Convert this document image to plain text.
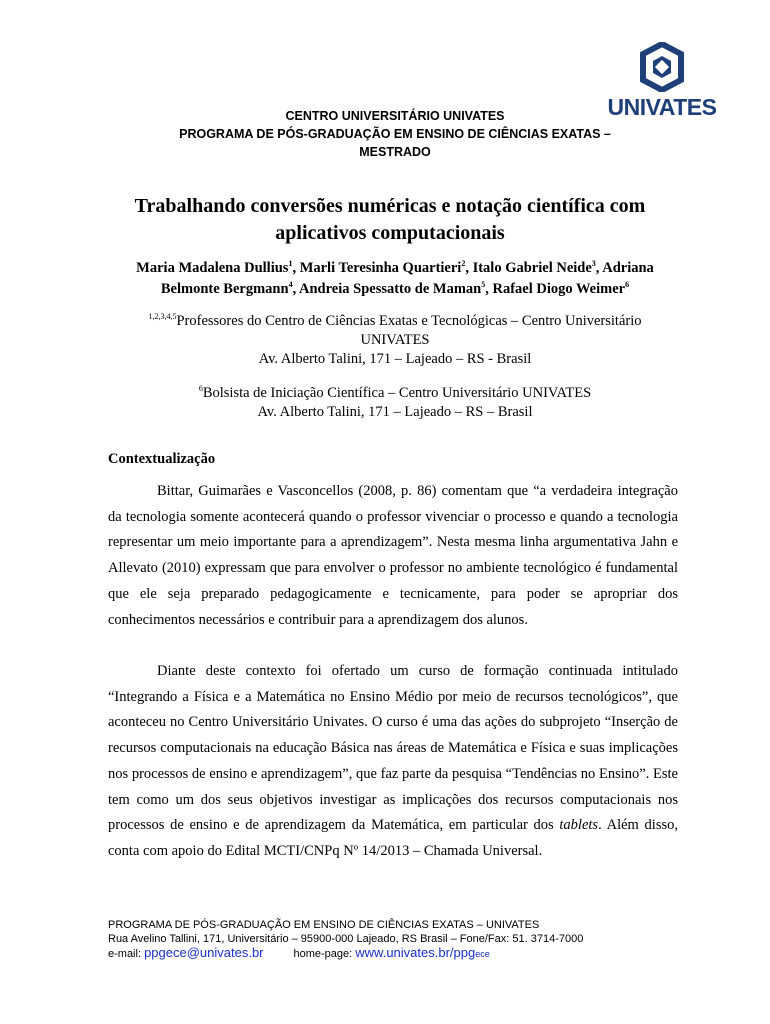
UNIVATES
CENTRO UNIVERSITÁRIO UNIVATES
PROGRAMA DE PÓS-GRADUAÇÃO EM ENSINO DE CIÊNCIAS EXATAS –
MESTRADO
Trabalhando conversões numéricas e notação científica com
aplicativos computacionais
Maria Madalena Dullius$^1$, Marli Teresinha Quartieri$^2$, Italo Gabriel Neide$^3$, Adriana
Belmonte Bergmann$^4$, Andreia Spessatto de Maman$^5$, Rafael Diogo Weimer$^6$
$^{1,2,3,4,5}$Professores do Centro de Ciências Exatas e Tecnológicas – Centro Universitário
UNIVATES
Av. Alberto Talini, 171 – Lajeado – RS - Brasil
$^6$Bolsista de Iniciação Científica – Centro Universitário UNIVATES
Av. Alberto Talini, 171 – Lajeado – RS – Brasil
Contextualização
Bittar, Guimarães e Vasconcellos (2008, p. 86) comentam que “a verdadeira integração da tecnologia somente acontecerá quando o professor vivenciar o processo e quando a tecnologia representar um meio importante para a aprendizagem”. Nesta mesma linha argumentativa Jahn e Allevato (2010) expressam que para envolver o professor no ambiente tecnológico é fundamental que ele seja preparado pedagogicamente e tecnicamente, para poder se apropriar dos conhecimentos necessários e contribuir para a aprendizagem dos alunos.
Diante deste contexto foi ofertado um curso de formação continuada intitulado “Integrando a Física e a Matemática no Ensino Médio por meio de recursos tecnológicos”, que aconteceu no Centro Universitário Univates. O curso é uma das ações do subprojeto “Inserção de recursos computacionais na educação Básica nas áreas de Matemática e Física e suas implicações nos processos de ensino e aprendizagem”, que faz parte da pesquisa “Tendências no Ensino”. Este tem como um dos seus objetivos investigar as implicações dos recursos computacionais nos processos de ensino e de aprendizagem da Matemática, em particular dos tablets. Além disso, conta com apoio do Edital MCTI/CNPq Nº 14/2013 – Chamada Universal.
PROGRAMA DE PÓS-GRADUAÇÃO EM ENSINO DE CIÊNCIAS EXATAS – UNIVATES
Rua Avelino Tallini, 171, Universitário – 95900-000 Lajeado, RS Brasil – Fone/Fax: 51. 3714-7000
e-mail: ppgece@univates.br	home-page: www.univates.br/ppgece
